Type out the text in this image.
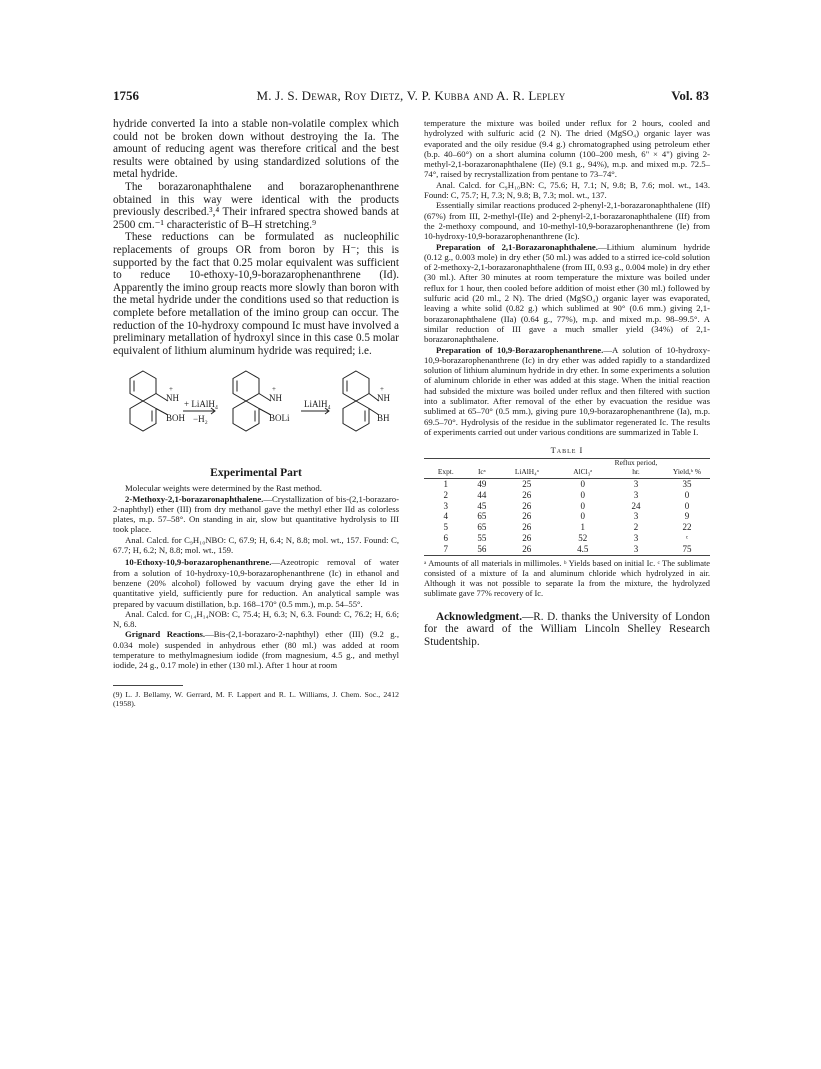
1756	M. J. S. Dewar, Roy Dietz, V. P. Kubba and A. R. Lepley	Vol. 83

hydride converted Ia into a stable non-volatile complex which could not be broken down without destroying the Ia. The amount of reducing agent was therefore critical and the best results were obtained by using standardized solutions of the metal hydride.

The borazaronaphthalene and borazarophenanthrene obtained in this way were identical with the products previously described.³,⁴ Their infrared spectra showed bands at 2500 cm.⁻¹ characteristic of B–H stretching.⁹

These reductions can be formulated as nucleophilic replacements of groups OR from boron by H⁻; this is supported by the fact that 0.25 molar equivalent was sufficient to reduce 10-ethoxy-10,9-borazarophenanthrene (Id). Apparently the imino group reacts more slowly than boron with the metal hydride under the conditions used so that reduction is complete before metallation of the imino group can occur. The reduction of the 10-hydroxy compound Ic must have involved a preliminary metallation of hydroxyl since in this case 0.5 molar equivalent of lithium aluminum hydride was required; i.e.

NH
BOH
+ LiAlH₄
−H₂
NH
BOLi
LiAlH₄
NH
BH
+	+	+
Experimental Part

Molecular weights were determined by the Rast method.

2-Methoxy-2,1-borazaronaphthalene.—Crystallization of bis-(2,1-borazaro-2-naphthyl) ether (III) from dry methanol gave the methyl ether IId as colorless plates, m.p. 57–58°. On standing in air, slow but quantitative hydrolysis to III took place.

Anal. Calcd. for C₉H₁₀NBO: C, 67.9; H, 6.4; N, 8.8; mol. wt., 157. Found: C, 67.7; H, 6.2; N, 8.8; mol. wt., 159.

10-Ethoxy-10,9-borazarophenanthrene.—Azeotropic removal of water from a solution of 10-hydroxy-10,9-borazarophenanthrene (Ic) in ethanol and benzene (20% alcohol) followed by vacuum drying gave the ether Id in quantitative yield, sufficiently pure for reduction. An analytical sample was prepared by vacuum distillation, b.p. 168–170° (0.5 mm.), m.p. 54–55°.

Anal. Calcd. for C₁₄H₁₄NOB: C, 75.4; H, 6.3; N, 6.3. Found: C, 76.2; H, 6.6; N, 6.8.

Grignard Reactions.—Bis-(2,1-borazaro-2-naphthyl) ether (III) (9.2 g., 0.034 mole) suspended in anhydrous ether (80 ml.) was added at room temperature to methylmagnesium iodide (from magnesium, 4.5 g., and methyl iodide, 24 g., 0.17 mole) in ether (130 ml.). After 1 hour at room

(9) L. J. Bellamy, W. Gerrard, M. F. Lappert and R. L. Williams, J. Chem. Soc., 2412 (1958).

temperature the mixture was boiled under reflux for 2 hours, cooled and hydrolyzed with sulfuric acid (2 N). The dried (MgSO₄) organic layer was evaporated and the oily residue (9.4 g.) chromatographed using petroleum ether (b.p. 40–60°) on a short alumina column (100–200 mesh, 6" × 4") giving 2-methyl-2,1-borazaronaphthalene (IIe) (9.1 g., 94%), m.p. and mixed m.p. 72.5–74°, raised by recrystallization from pentane to 73–74°.

Anal. Calcd. for C₉H₁₀BN: C, 75.6; H, 7.1; N, 9.8; B, 7.6; mol. wt., 143. Found: C, 75.7; H, 7.3; N, 9.8; B, 7.3; mol. wt., 137.

Essentially similar reactions produced 2-phenyl-2,1-borazaronaphthalene (IIf) (67%) from III, 2-methyl-(IIe) and 2-phenyl-2,1-borazaronaphthalene (IIf) from the 2-methoxy compound, and 10-methyl-10,9-borazarophenanthrene (Ie) from 10-hydroxy-10,9-borazarophenanthrene (Ic).

Preparation of 2,1-Borazaronaphthalene.—Lithium aluminum hydride (0.12 g., 0.003 mole) in dry ether (50 ml.) was added to a stirred ice-cold solution of 2-methoxy-2,1-borazaronaphthalene (from III, 0.93 g., 0.004 mole) in dry ether (30 ml.). After 30 minutes at room temperature the mixture was boiled under reflux for 1 hour, then cooled before addition of moist ether (30 ml.) followed by sulfuric acid (20 ml., 2 N). The dried (MgSO₄) organic layer was evaporated, leaving a white solid (0.82 g.) which sublimed at 90° (0.6 mm.) giving 2,1-borazaronaphthalene (IIa) (0.64 g., 77%), m.p. and mixed m.p. 98–99.5°. A similar reduction of III gave a much smaller yield (34%) of 2,1-borazaronaphthalene.

Preparation of 10,9-Borazarophenanthrene.—A solution of 10-hydroxy-10,9-borazarophenanthrene (Ic) in dry ether was added rapidly to a standardized solution of lithium aluminum hydride in dry ether. In some experiments a solution of aluminum chloride in ether was added at this stage. When the initial reaction had subsided the mixture was boiled under reflux and then filtered with suction into a sublimator. After removal of the ether by evacuation the residue was sublimed at 65–70° (0.5 mm.), giving pure 10,9-borazarophenanthrene (Ia), m.p. 69.5–70°. Hydrolysis of the residue in the sublimator regenerated Ic. The results of experiments carried out under various conditions are summarized in Table I.

Table I
Expt.	Icᵃ	LiAlH₄ᵃ	AlCl₃ᵃ	Reflux period, hr.	Yield,ᵇ %
1	49	25	0	3	35
2	44	26	0	3	0
3	45	26	0	24	0
4	65	26	0	3	9
5	65	26	1	2	22
6	55	26	52	3	ᶜ
7	56	26	4.5	3	75

ᵃ Amounts of all materials in millimoles. ᵇ Yields based on initial Ic. ᶜ The sublimate consisted of a mixture of Ia and aluminum chloride which hydrolyzed in air. Although it was not possible to separate Ia from the mixture, the hydrolyzed sublimate gave 77% recovery of Ic.

Acknowledgment.—R. D. thanks the University of London for the award of the William Lincoln Shelley Research Studentship.
